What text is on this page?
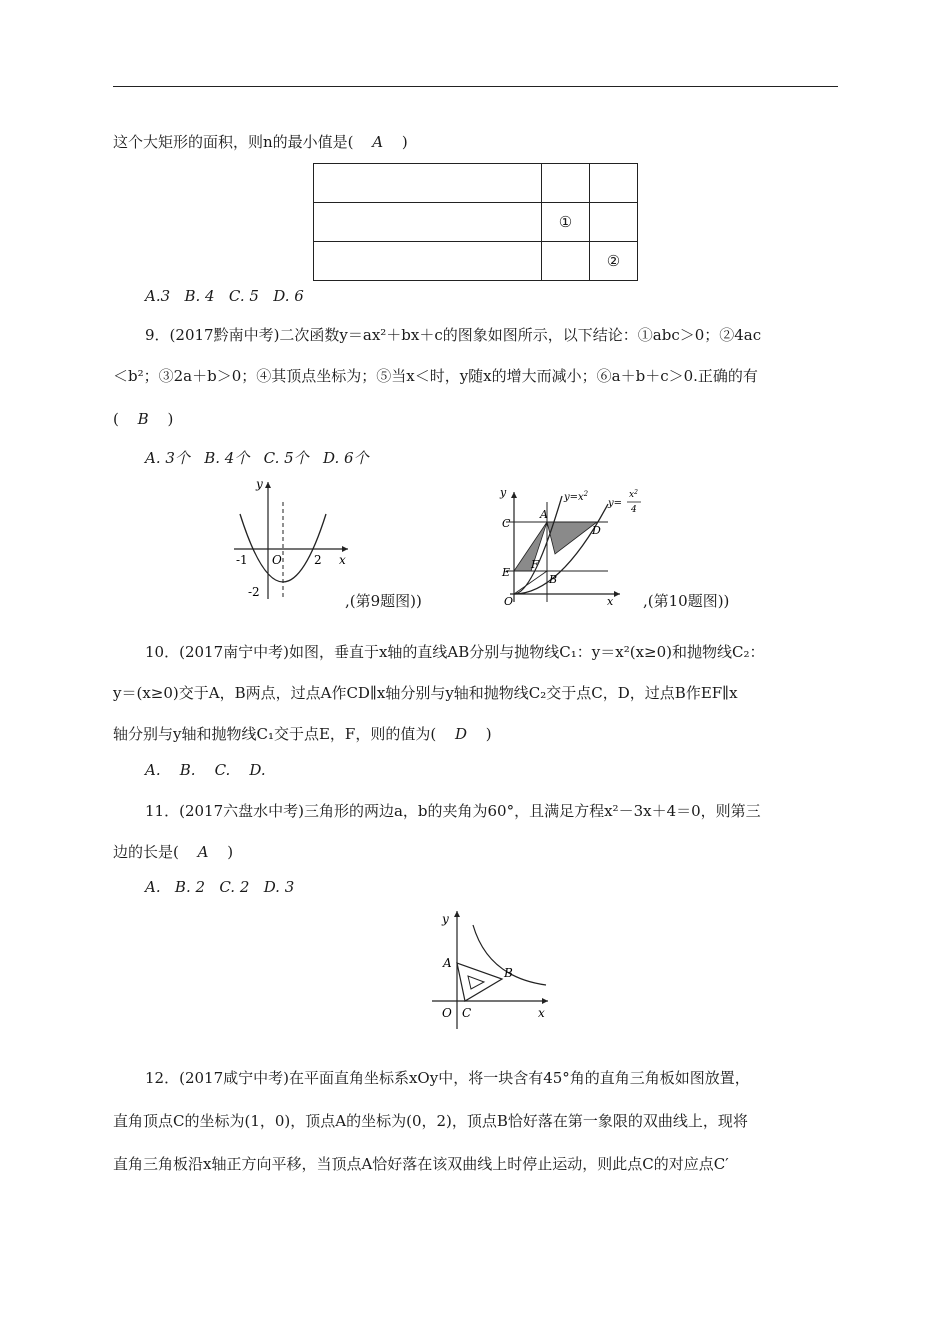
这个大矩形的面积，则n的最小值是( A )

	①	
		②
A.3 B. 4 C. 5 D. 6
9．(2017黔南中考)二次函数y＝ax²＋bx＋c的图象如图所示，以下结论：①abc＞0；②4ac
＜b²；③2a＋b＞0；④其顶点坐标为；⑤当x＜时，y随x的增大而减小；⑥a＋b＋c＞0.正确的有
( B )
A. 3个 B. 4个 C. 5个 D. 6个
y
x
O
-1	2
-2	,(第9题图))
y
x
O
C
E
A
D
F
B
$y=x^2$
y=
$x^2$
4
,(第10题图))
10．(2017南宁中考)如图，垂直于x轴的直线AB分别与抛物线C₁：y＝x²(x≥0)和抛物线C₂：
y＝(x≥0)交于A，B两点，过点A作CD∥x轴分别与y轴和抛物线C₂交于点C，D，过点B作EF∥x
轴分别与y轴和抛物线C₁交于点E，F，则的值为( D )
A. B. C. D.
11．(2017六盘水中考)三角形的两边a，b的夹角为60°，且满足方程x²－3x＋4＝0，则第三
边的长是( A )
A. B. 2 C. 2 D. 3
y
x
O
A
B
C
12．(2017咸宁中考)在平面直角坐标系xOy中，将一块含有45°角的直角三角板如图放置，
直角顶点C的坐标为(1，0)，顶点A的坐标为(0，2)，顶点B恰好落在第一象限的双曲线上，现将
直角三角板沿x轴正方向平移，当顶点A恰好落在该双曲线上时停止运动，则此点C的对应点C′
